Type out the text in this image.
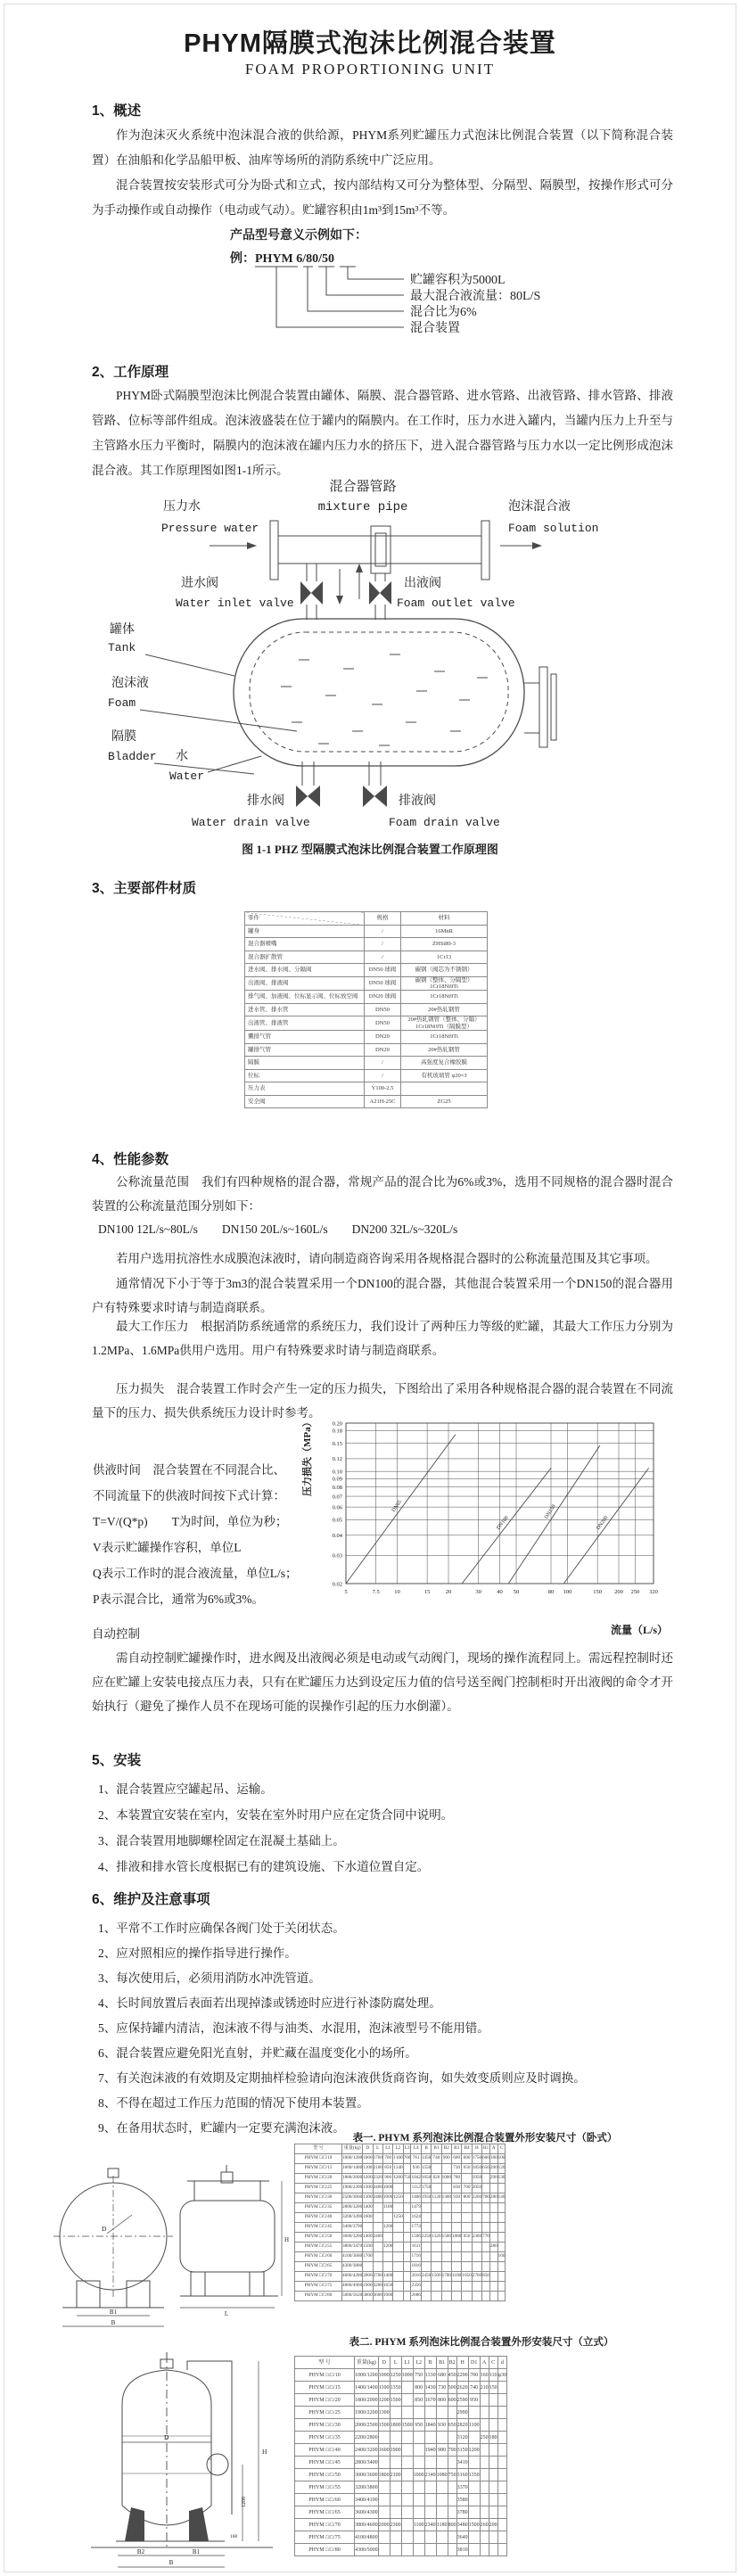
PHYM隔膜式泡沫比例混合装置
FOAM PROPORTIONING UNIT
1、概述
作为泡沫灭火系统中泡沫混合液的供给源，PHYM系列贮罐压力式泡沫比例混合装置（以下简称混合装置）在油船和化学品船甲板、油库等场所的消防系统中广泛应用。
混合装置按安装形式可分为卧式和立式，按内部结构又可分为整体型、分隔型、隔膜型，按操作形式可分为手动操作或自动操作（电动或气动）。贮罐容积由1m³到15m³不等。
产品型号意义示例如下：
例：PHYM 6/80/50
贮罐容积为5000L
最大混合液流量：80L/S
混合比为6%
混合装置
2、工作原理
PHYM卧式隔膜型泡沫比例混合装置由罐体、隔膜、混合器管路、进水管路、出液管路、排水管路、排液管路、位标等部件组成。泡沫液盛装在位于罐内的隔膜内。在工作时，压力水进入罐内，当罐内压力上升至与主管路水压力平衡时，隔膜内的泡沫液在罐内压力水的挤压下，进入混合器管路与压力水以一定比例形成泡沫混合液。其工作原理图如图1-1所示。
混合器管路
mixture pipe
压力水
Pressure water
泡沫混合液
Foam solution
进水阀
Water inlet valve
出液阀
Foam outlet valve
排水阀
Water drain valve
排液阀
Foam drain valve
罐体
Tank
泡沫液
Foam
隔膜
Bladder 水
Water
图 1-1 PHZ 型隔膜式泡沫比例混合装置工作原理图
3、主要部件材质
零件	规格	材料
罐身	/	16MnR
混合器喷嘴	/	ZHSi80-3
混合器扩散管	/	1Cr13
进水阀、排水阀、分隔阀	DN50 球阀	碳钢（阀芯为不锈钢）
出液阀、排液阀	DN50 球阀	碳钢（整体、分隔型）1Cr18Ni9Ti
排气阀、加液阀、位标显示阀、位标放空阀	DN20 球阀	1Cr18Ni9Ti
进水管、排水管	DN50	20#热轧钢管
出液管、排液管	DN50	20#热轧钢管（整体、分隔）1Cr18Ni9Ti（隔膜型）
囊排气管	DN20	1Cr18Ni9Ti
罐排气管	DN20	20#热轧钢管
隔膜	/	高强度复合橡胶膜
位标	/	有机玻璃管 φ20×3
压力表	Y100-2.5	
安全阀	A21H-25C	ZG25
4、性能参数
公称流量范围　我们有四种规格的混合器，常规产品的混合比为6%或3%，选用不同规格的混合器时混合装置的公称流量范围分别如下：
DN100 12L/s~80L/s　　DN150 20L/s~160L/s　　DN200 32L/s~320L/s
若用户选用抗溶性水成膜泡沫液时，请向制造商咨询采用各规格混合器时的公称流量范围及其它事项。
通常情况下小于等于3m3的混合装置采用一个DN100的混合器，其他混合装置采用一个DN150的混合器用户有特殊要求时请与制造商联系。
最大工作压力　根据消防系统通常的系统压力，我们设计了两种压力等级的贮罐，其最大工作压力分别为1.2MPa、1.6MPa供用户选用。用户有特殊要求时请与制造商联系。
压力损失　混合装置工作时会产生一定的压力损失，下图给出了采用各种规格混合器的混合装置在不同流量下的压力、损失供系统压力设计时参考。
压力损失（MPa）
5	7.5	10	15	20	30	40 50	80 100	150 200 250 320
0.02
0.03
0.04
0.05
0.06
0.07
0.08
0.09
0.10
0.12
0.15
0.18
0.20
DN65
DN100
DN150
DN200
流量（L/s）
供液时间　混合装置在不同混合比、
不同流量下的供液时间按下式计算：
T=V/(Q*p)　　T为时间，单位为秒；
V表示贮罐操作容积，单位L
Q表示工作时的混合液流量，单位L/s；
P表示混合比，通常为6%或3%。
自动控制
需自动控制贮罐操作时，进水阀及出液阀必须是电动或气动阀门，现场的操作流程同上。需远程控制时还应在贮罐上安装电接点压力表，只有在贮罐压力达到设定压力值的信号送至阀门控制柜时开出液阀的命令才开始执行（避免了操作人员不在现场可能的误操作引起的压力水倒灌）。
5、安装
1、混合装置应空罐起吊、运输。
2、本装置宜安装在室内，安装在室外时用户应在定货合同中说明。
3、混合装置用地脚螺栓固定在混凝土基础上。
4、排液和排水管长度根据已有的建筑设施、下水道位置自定。
6、维护及注意事项
1、平常不工作时应确保各阀门处于关闭状态。
2、应对照相应的操作指导进行操作。
3、每次使用后，必须用消防水冲洗管道。
4、长时间放置后表面若出现掉漆或锈迹时应进行补漆防腐处理。
5、应保持罐内清洁，泡沫液不得与油类、水混用，泡沫液型号不能用错。
6、混合装置应避免阳光直射，并贮藏在温度变化小的场所。
7、有关泡沫液的有效期及定期抽样检验请向泡沫液供货商咨询，如失效变质则应及时调换。
8、不得在超过工作压力范围的情况下使用本装置。
9、在备用状态时，贮罐内一定要充满泡沫液。
表一. PHYM 系列泡沫比例混合装置外形安装尺寸（卧式）
型 号	重量(kg)	D	L	L1	L2	L3	L4	B	B1	B2	B3	B4	H	H1	A	C
PHYM □/□/10	1000/1200	1000	1760	700	1100	700	761	1450	740	900	680	600	1750	600	180	100
PHYM □/□/15	1600/1400	1100	2100	850	1140		936	1550			730	650	1850	650	200	120
PHYM □/□/20	1800/2000	1200	2320	900	1200	750	1042	1650	820	1000	780		1950		290	130
PHYM □/□/25	1900/2200	1300	2460	1000			1112	1750			830	700	2050			
PHYM □/□/30	2500/3060	1300	2400	1000	1250		1406	1950	1120	1300	930	800	2260	700	280	140
PHYM □/□/35	2800/3200	1400		1100			1479									
PHYM □/□/40	3200/3490	1600			1250		1624									
PHYM □/□/45	3400/3790			1200			1774									
PHYM □/□/50	3600/3260	1400	2400				1506	2250	1320	1500	1080	950	2360	770		
PHYM □/□/55	3800/3470	1500		1200			1611								280	
PHYM □/□/60	4100/3680	1700					1716									160
PHYM □/□/65	4300/3880						1816									
PHYM □/□/70	4600/4280	2000	2700	1400			2016	2450	1500	1700	1180	1050	2760	850		
PHYM □/□/75	4800/4960	2300	3200	1650			2356									
PHYM □/□/80	5000/5620	3000	3600	1900			2686									
B1
B
D
L
H
表二. PHYM 系列泡沫比例混合装置外形安装尺寸（立式）
型 号	重量(kg)	D	L	L1	L2	B	B1	B2	H	D1	A	C	d
PHYM □/□/10	1000/1200	1000	1250	1000	750	1330	680	450	2290	700	160	110	φ30
PHYM □/□/15	1400/1400	1100	1350		800	1430	730	500	2620	740	210	150	
PHYM □/□/20	1800/2000	1200	1500		850	1670	800	600	2590	950			
PHYM □/□/25	1900/2200	1300							2990				
PHYM □/□/30	2000/2500	1500	1800	1500	950	1840	930	650	2820	1100			
PHYM □/□/35	2200/2800								3120		250	180	
PHYM □/□/40	2400/3200	1600	1900			1940	980	700	3150	1200			
PHYM □/□/45	2800/3400								3410				
PHYM □/□/50	3000/3600	1800	2100		1000	2140	1080	750	3160	1350			
PHYM □/□/55	3200/3800								3370				
PHYM □/□/60	3400/4100								3580				
PHYM □/□/65	3600/4300								3780				
PHYM □/□/70	3800/4600	2000	2300		1100	2340	1180	800	3480	1500	260	200	
PHYM □/□/75	4100/4800								3640				
PHYM □/□/80	4300/5000								3810				
D
H
1200
160
B2	B1
B
